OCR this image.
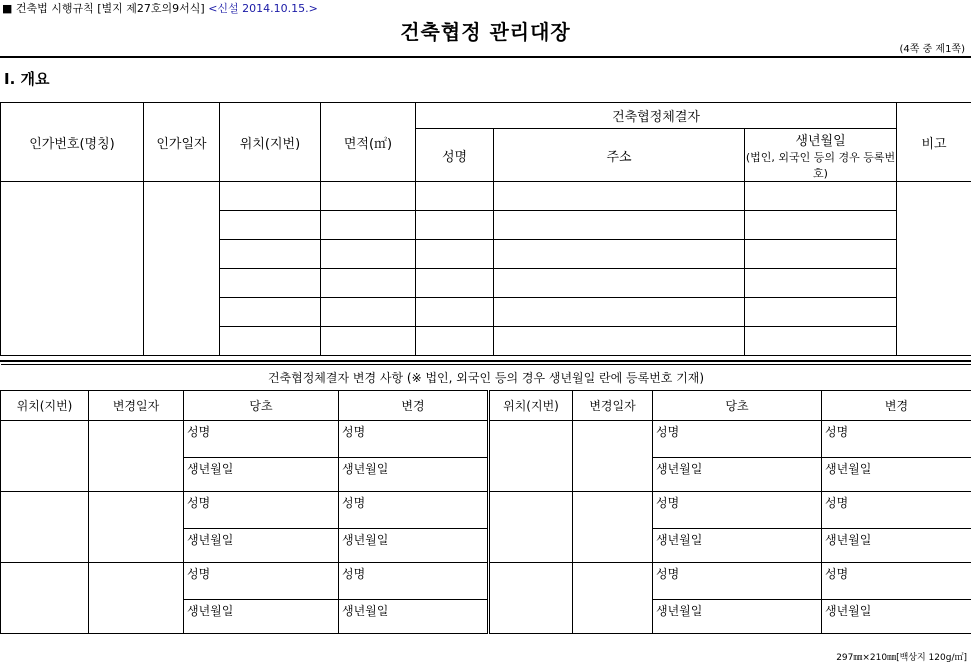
■ 건축법 시행규칙 [별지 제27호의9서식] <신설 2014.10.15.>
건축협정 관리대장
(4쪽 중 제1쪽)
Ⅰ. 개요
인가번호(명칭)	인가일자	위치(지번)	면적(㎡)	건축협정체결자			비고
				성명	주소	생년월일
(법인, 외국인 등의 경우 등록번호)	

건축협정체결자 변경 사항 (※ 법인, 외국인 등의 경우 생년월일 란에 등록번호 기재)							
위치(지번)	변경일자	당초	변경	위치(지번)	변경일자	당초	변경
		성명	성명			성명	성명
		생년월일	생년월일			생년월일	생년월일
		성명	성명			성명	성명
		생년월일	생년월일			생년월일	생년월일
		성명	성명			성명	성명
		생년월일	생년월일			생년월일	생년월일
297㎜×210㎜[백상지 120g/㎡]
